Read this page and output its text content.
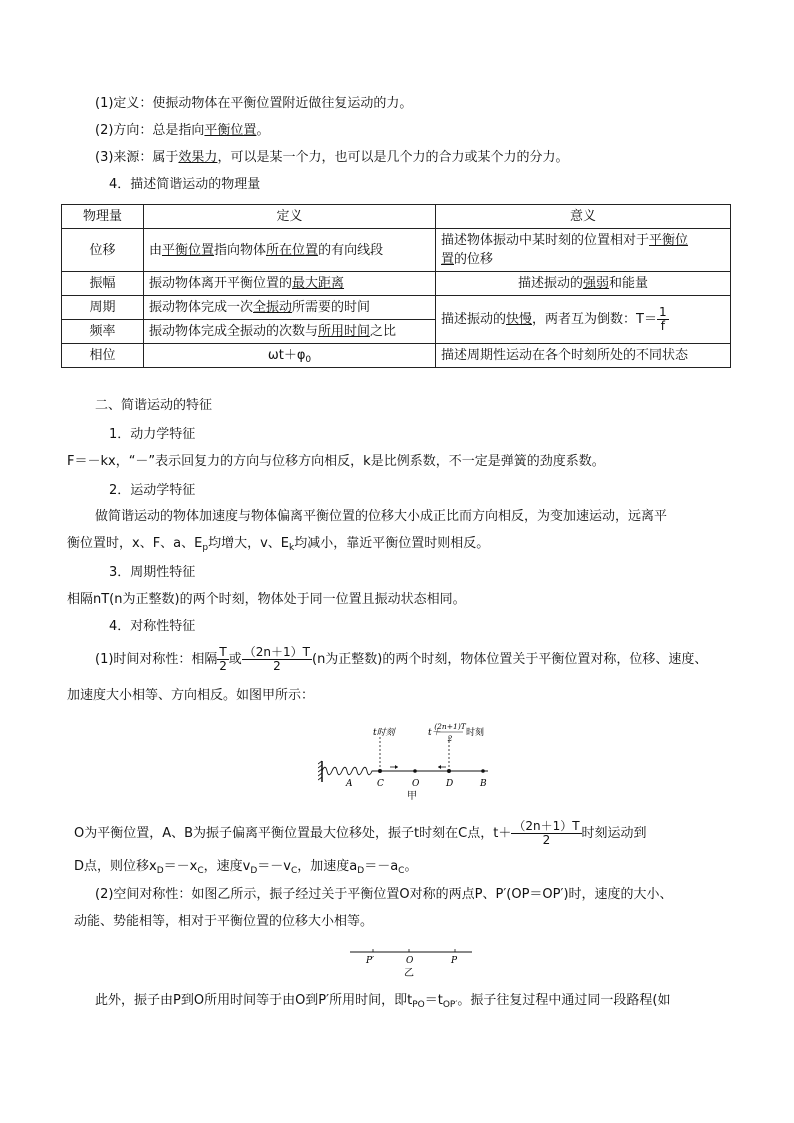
(1)定义：使振动物体在平衡位置附近做往复运动的力。
(2)方向：总是指向平衡位置。
(3)来源：属于效果力，可以是某一个力，也可以是几个力的合力或某个力的分力。
4．描述简谐运动的物理量
物理量	定义	意义
位移	由平衡位置指向物体所在位置的有向线段	描述物体振动中某时刻的位置相对于平衡位
置的位移
振幅	振动物体离开平衡位置的最大距离	描述振动的强弱和能量
周期	振动物体完成一次全振动所需要的时间	描述振动的快慢，两者互为倒数：$T= \frac{1}{f}$

频率	振动物体完成全振动的次数与所用时间之比	
相位	$\omega t+\varphi_0$	描述周期性运动在各个时刻所处的不同状态
二、简谐运动的特征
1．动力学特征
F＝－kx，“－”表示回复力的方向与位移方向相反，k是比例系数，不一定是弹簧的劲度系数。
2．运动学特征
做简谐运动的物体加速度与物体偏离平衡位置的位移大小成正比而方向相反，为变加速运动，远离平
衡位置时，x、F、a、$E_p$均增大，v、$E_k$均减小，靠近平衡位置时则相反。
3．周期性特征
相隔nT(n为正整数)的两个时刻，物体处于同一位置且振动状态相同。
4．对称性特征
(1)时间对称性：相隔 $\frac{T}{2}$ 或 $\frac{(2n+1)T}{2} (n$为正整数)的两个时刻，物体位置关于平衡位置对称，位移、速度、
加速度大小相等、方向相反。如图甲所示：
t时刻	t＋
(2n+1)T
2
时刻
A	C	O	D	B
甲
O为平衡位置，A、B为振子偏离平衡位置最大位移处，振子t时刻在C点，$t+ \frac{(2n+1)T}{2}$ 时刻运动到
D点，则位移$x_D=-x_C$，速度$v_D=-v_C$，加速度$a_D=-a_C$。
(2)空间对称性：如图乙所示，振子经过关于平衡位置O对称的两点P、P′(OP＝OP′)时，速度的大小、
动能、势能相等，相对于平衡位置的位移大小相等。
P′	O	P
乙
此外，振子由P到O所用时间等于由O到P′所用时间，即$t_{PO}=t_{OP'}$。振子往复过程中通过同一段路程(如
